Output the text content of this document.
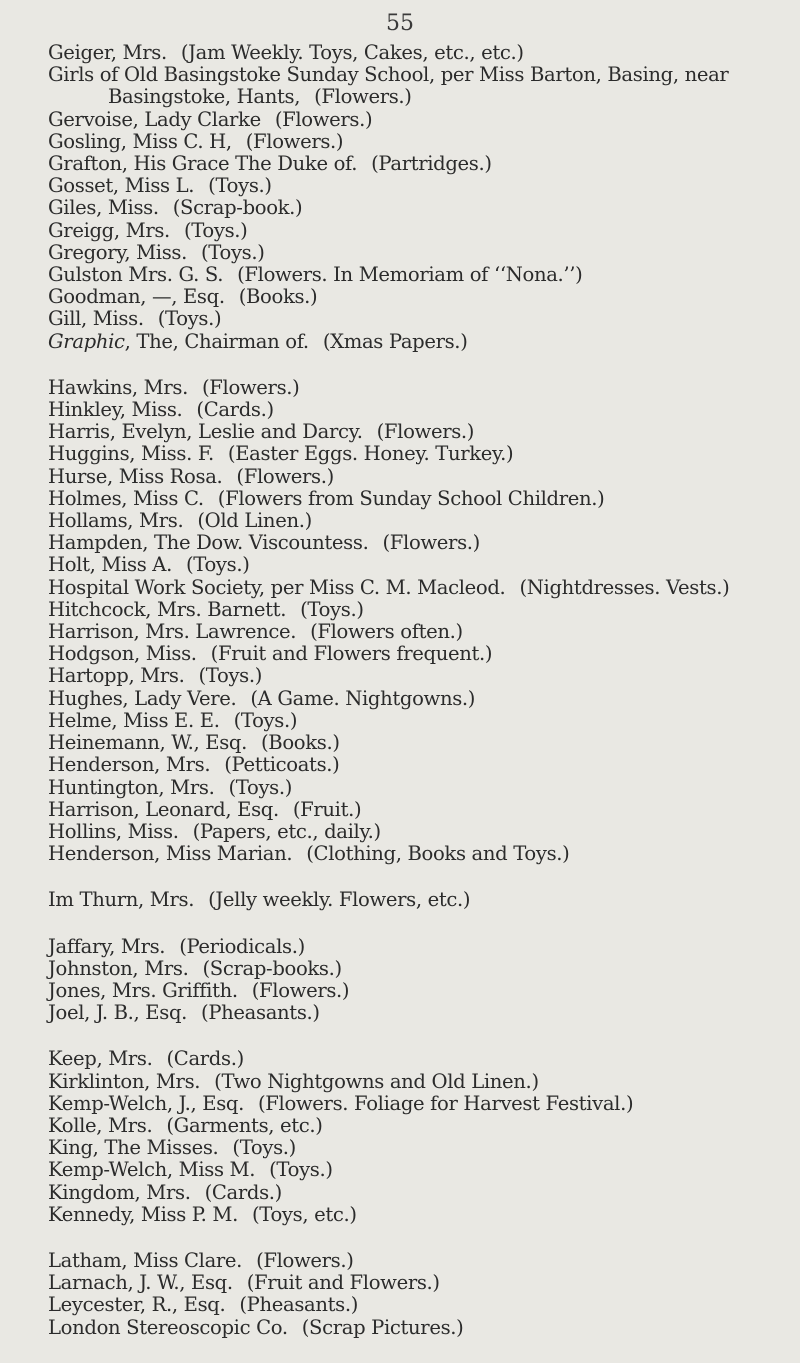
55
Geiger, Mrs. (Jam Weekly. Toys, Cakes, etc., etc.)
Girls of Old Basingstoke Sunday School, per Miss Barton, Basing, near
Basingstoke, Hants, (Flowers.)
Gervoise, Lady Clarke (Flowers.)
Gosling, Miss C. H, (Flowers.)
Grafton, His Grace The Duke of. (Partridges.)
Gosset, Miss L. (Toys.)
Giles, Miss. (Scrap-book.)
Greigg, Mrs. (Toys.)
Gregory, Miss. (Toys.)
Gulston Mrs. G. S. (Flowers. In Memoriam of ‘‘Nona.’’)
Goodman, —, Esq. (Books.)
Gill, Miss. (Toys.)
Graphic, The, Chairman of. (Xmas Papers.)
Hawkins, Mrs. (Flowers.)
Hinkley, Miss. (Cards.)
Harris, Evelyn, Leslie and Darcy. (Flowers.)
Huggins, Miss. F. (Easter Eggs. Honey. Turkey.)
Hurse, Miss Rosa. (Flowers.)
Holmes, Miss C. (Flowers from Sunday School Children.)
Hollams, Mrs. (Old Linen.)
Hampden, The Dow. Viscountess. (Flowers.)
Holt, Miss A. (Toys.)
Hospital Work Society, per Miss C. M. Macleod. (Nightdresses. Vests.)
Hitchcock, Mrs. Barnett. (Toys.)
Harrison, Mrs. Lawrence. (Flowers often.)
Hodgson, Miss. (Fruit and Flowers frequent.)
Hartopp, Mrs. (Toys.)
Hughes, Lady Vere. (A Game. Nightgowns.)
Helme, Miss E. E. (Toys.)
Heinemann, W., Esq. (Books.)
Henderson, Mrs. (Petticoats.)
Huntington, Mrs. (Toys.)
Harrison, Leonard, Esq. (Fruit.)
Hollins, Miss. (Papers, etc., daily.)
Henderson, Miss Marian. (Clothing, Books and Toys.)
Im Thurn, Mrs. (Jelly weekly. Flowers, etc.)
Jaffary, Mrs. (Periodicals.)
Johnston, Mrs. (Scrap-books.)
Jones, Mrs. Griffith. (Flowers.)
Joel, J. B., Esq. (Pheasants.)
Keep, Mrs. (Cards.)
Kirklinton, Mrs. (Two Nightgowns and Old Linen.)
Kemp-Welch, J., Esq. (Flowers. Foliage for Harvest Festival.)
Kolle, Mrs. (Garments, etc.)
King, The Misses. (Toys.)
Kemp-Welch, Miss M. (Toys.)
Kingdom, Mrs. (Cards.)
Kennedy, Miss P. M. (Toys, etc.)
Latham, Miss Clare. (Flowers.)
Larnach, J. W., Esq. (Fruit and Flowers.)
Leycester, R., Esq. (Pheasants.)
London Stereoscopic Co. (Scrap Pictures.)
